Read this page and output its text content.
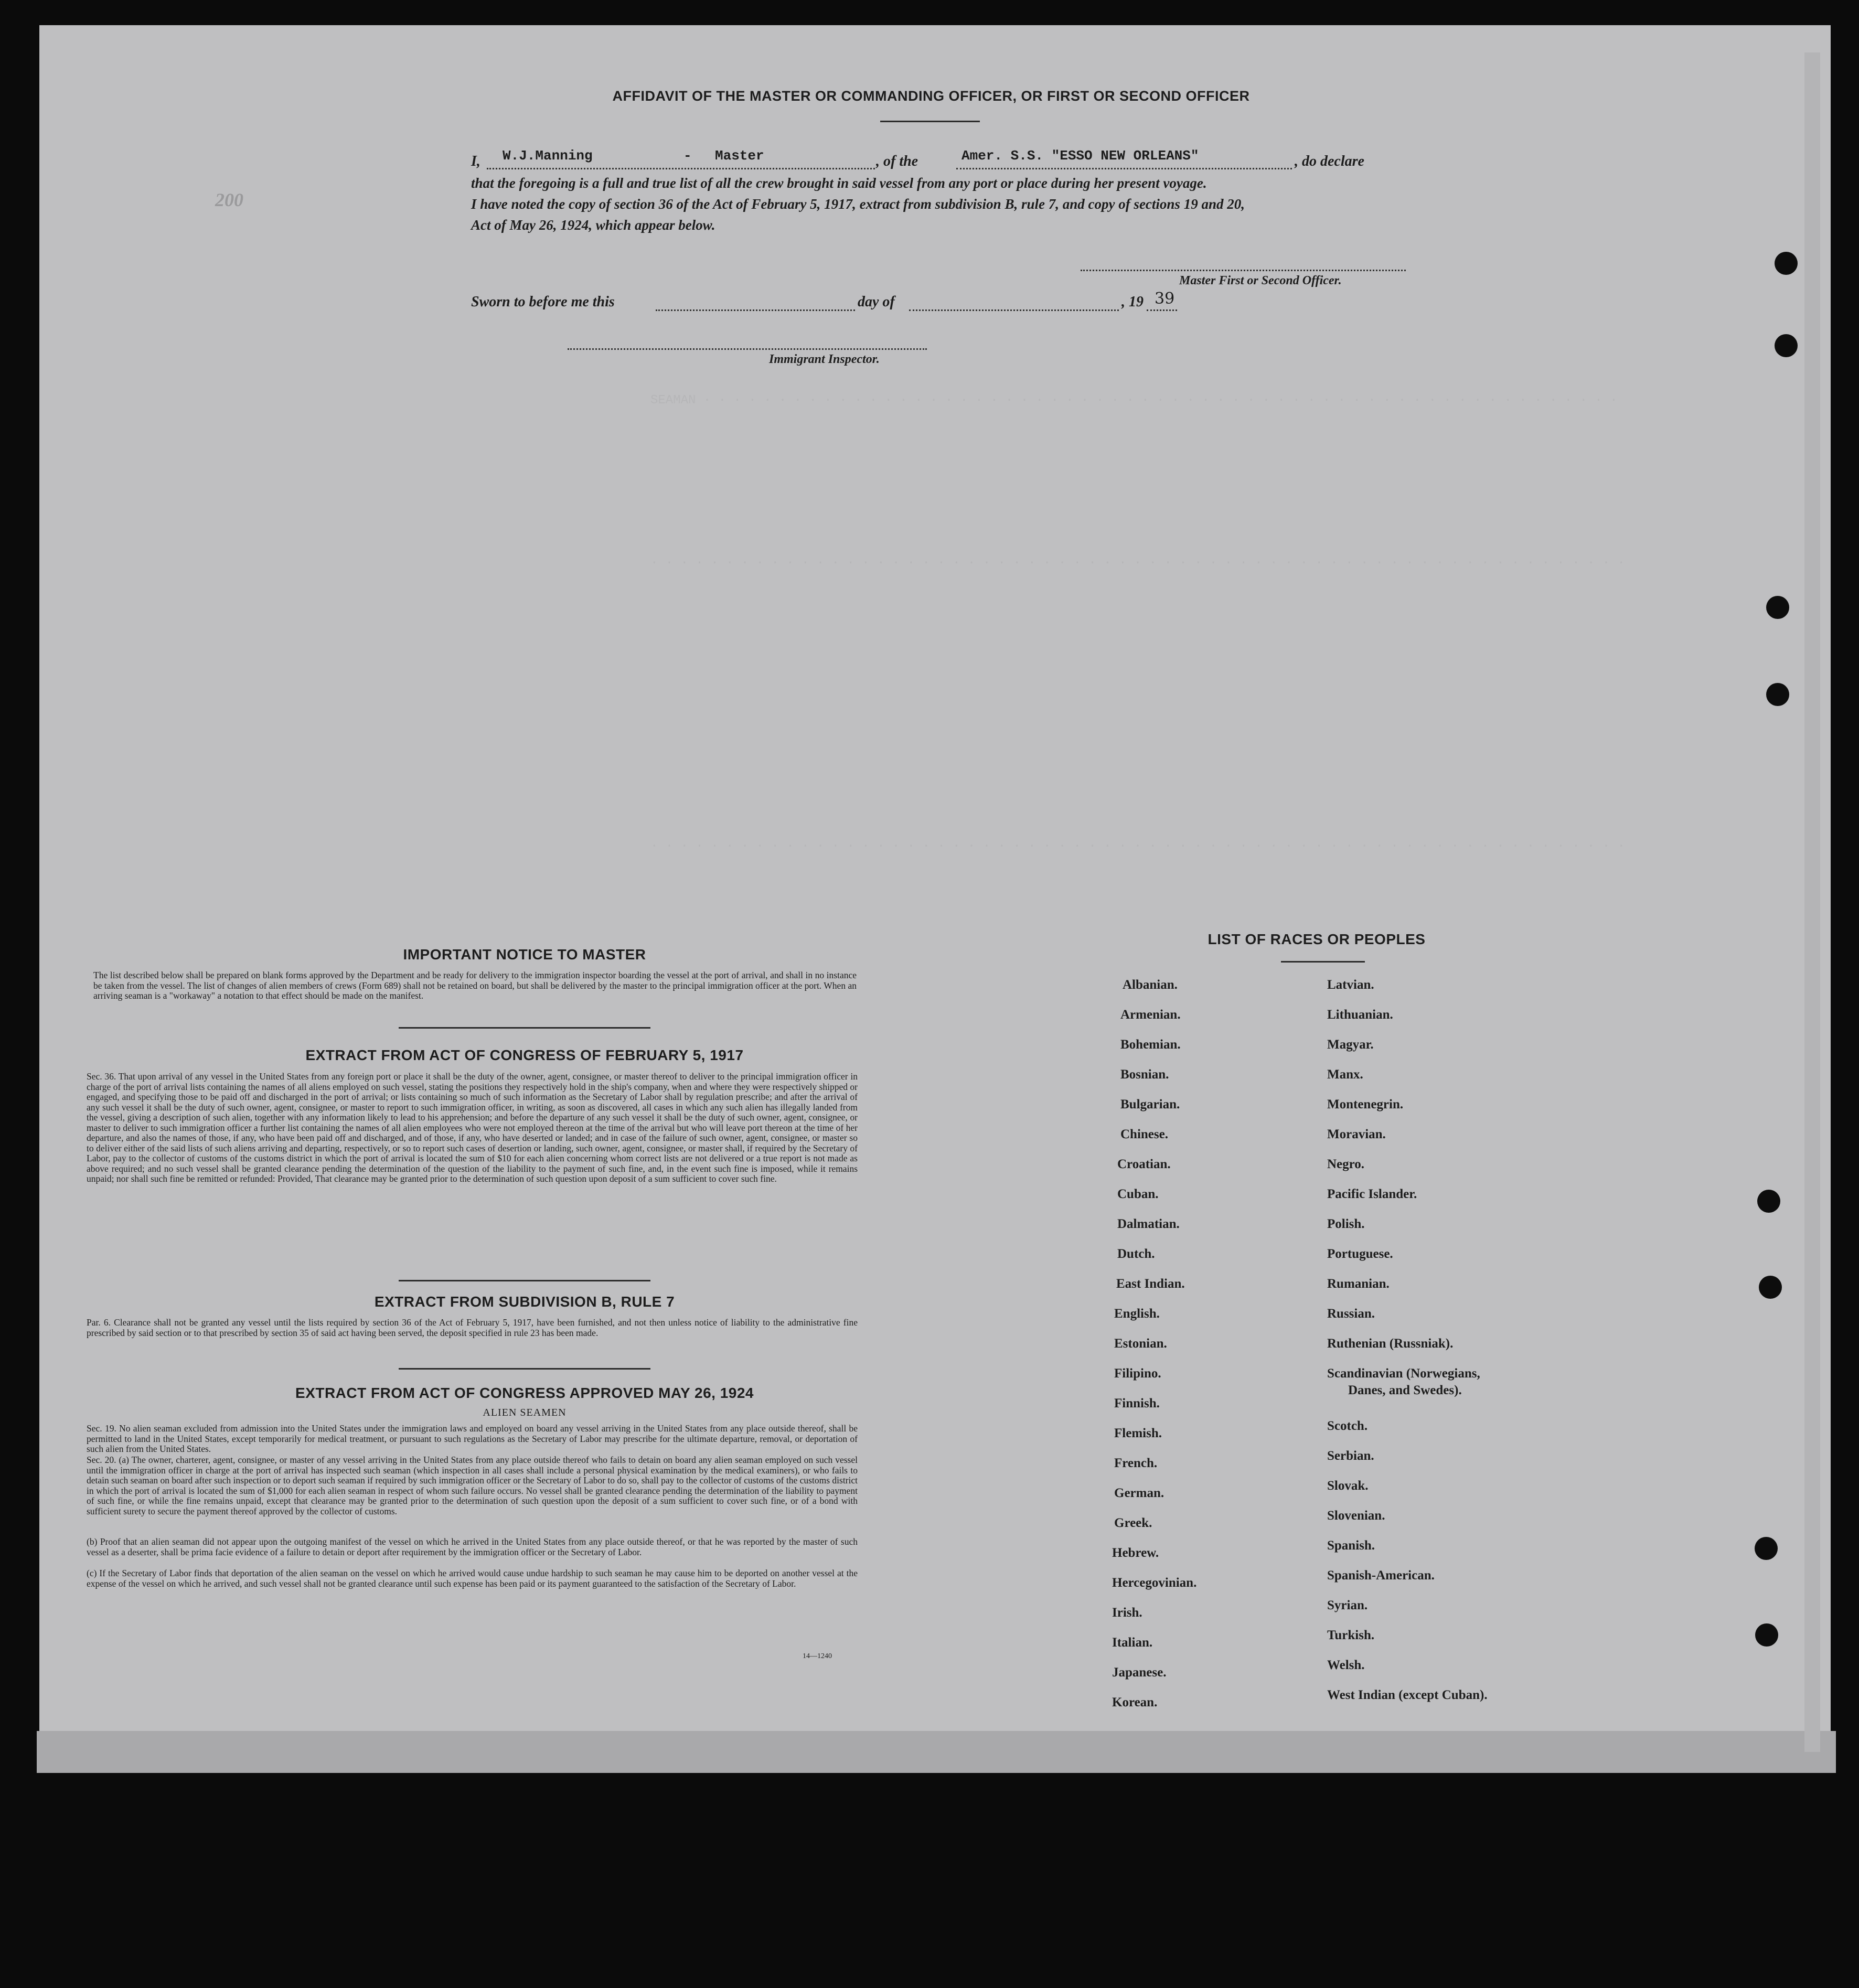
SEAMAN · · · · · · · · · · · · · · · · · · · · · · · · · · · · · · · · · · · · · · · · · · · · · · · · · · · · · · · · · · · · ·
· · · · · · · · · · · · · · · · · · · · · · · · · · · · · · · · · · · · · · · · · · · · · · · · · · · · · · · · · · · · · · · · ·
· · · · · · · · · · · · · · · · · · · · · · · · · · · · · · · · · · · · · · · · · · · · · · · · · · · · · · · · · · · · · · · · ·
AFFIDAVIT OF THE MASTER OR COMMANDING OFFICER, OR FIRST OR SECOND OFFICER
200
I, W.J.Manning	- Master	, of the	Amer. S.S. "ESSO NEW ORLEANS"	, do declare
that the foregoing is a full and true list of all the crew brought in said vessel from any port or place during her present voyage.
I have noted the copy of section 36 of the Act of February 5, 1917, extract from subdivision B, rule 7, and copy of sections 19 and 20,
Act of May 26, 1924, which appear below.
Master First or Second Officer.
Sworn to before me this	day of	, 19 39
Immigrant Inspector.
IMPORTANT NOTICE TO MASTER
The list described below shall be prepared on blank forms approved by the Department and be ready for delivery to the immigration inspector boarding the vessel at the port of arrival, and shall in no instance be taken from the vessel. The list of changes of alien members of crews (Form 689) shall not be retained on board, but shall be delivered by the master to the principal immigration officer at the port. When an arriving seaman is a "workaway" a notation to that effect should be made on the manifest.
EXTRACT FROM ACT OF CONGRESS OF FEBRUARY 5, 1917
Sec. 36. That upon arrival of any vessel in the United States from any foreign port or place it shall be the duty of the owner, agent, consignee, or master thereof to deliver to the principal immigration officer in charge of the port of arrival lists containing the names of all aliens employed on such vessel, stating the positions they respectively hold in the ship's company, when and where they were respectively shipped or engaged, and specifying those to be paid off and discharged in the port of arrival; or lists containing so much of such information as the Secretary of Labor shall by regulation prescribe; and after the arrival of any such vessel it shall be the duty of such owner, agent, consignee, or master to report to such immigration officer, in writing, as soon as discovered, all cases in which any such alien has illegally landed from the vessel, giving a description of such alien, together with any information likely to lead to his apprehension; and before the departure of any such vessel it shall be the duty of such owner, agent, consignee, or master to deliver to such immigration officer a further list containing the names of all alien employees who were not employed thereon at the time of the arrival but who will leave port thereon at the time of her departure, and also the names of those, if any, who have been paid off and discharged, and of those, if any, who have deserted or landed; and in case of the failure of such owner, agent, consignee, or master so to deliver either of the said lists of such aliens arriving and departing, respectively, or so to report such cases of desertion or landing, such owner, agent, consignee, or master shall, if required by the Secretary of Labor, pay to the collector of customs of the customs district in which the port of arrival is located the sum of $10 for each alien concerning whom correct lists are not delivered or a true report is not made as above required; and no such vessel shall be granted clearance pending the determination of the question of the liability to the payment of such fine, and, in the event such fine is imposed, while it remains unpaid; nor shall such fine be remitted or refunded: Provided, That clearance may be granted prior to the determination of such question upon deposit of a sum sufficient to cover such fine.
EXTRACT FROM SUBDIVISION B, RULE 7
Par. 6. Clearance shall not be granted any vessel until the lists required by section 36 of the Act of February 5, 1917, have been furnished, and not then unless notice of liability to the administrative fine prescribed by said section or to that prescribed by section 35 of said act having been served, the deposit specified in rule 23 has been made.
EXTRACT FROM ACT OF CONGRESS APPROVED MAY 26, 1924
ALIEN SEAMEN
Sec. 19. No alien seaman excluded from admission into the United States under the immigration laws and employed on board any vessel arriving in the United States from any place outside thereof, shall be permitted to land in the United States, except temporarily for medical treatment, or pursuant to such regulations as the Secretary of Labor may prescribe for the ultimate departure, removal, or deportation of such alien from the United States.
Sec. 20. (a) The owner, charterer, agent, consignee, or master of any vessel arriving in the United States from any place outside thereof who fails to detain on board any alien seaman employed on such vessel until the immigration officer in charge at the port of arrival has inspected such seaman (which inspection in all cases shall include a personal physical examination by the medical examiners), or who fails to detain such seaman on board after such inspection or to deport such seaman if required by such immigration officer or the Secretary of Labor to do so, shall pay to the collector of customs of the customs district in which the port of arrival is located the sum of $1,000 for each alien seaman in respect of whom such failure occurs. No vessel shall be granted clearance pending the determination of the liability to payment of such fine, or while the fine remains unpaid, except that clearance may be granted prior to the determination of such question upon the deposit of a sum sufficient to cover such fine, or of a bond with sufficient surety to secure the payment thereof approved by the collector of customs.
(b) Proof that an alien seaman did not appear upon the outgoing manifest of the vessel on which he arrived in the United States from any place outside thereof, or that he was reported by the master of such vessel as a deserter, shall be prima facie evidence of a failure to detain or deport after requirement by the immigration officer or the Secretary of Labor.
(c) If the Secretary of Labor finds that deportation of the alien seaman on the vessel on which he arrived would cause undue hardship to such seaman he may cause him to be deported on another vessel at the expense of the vessel on which he arrived, and such vessel shall not be granted clearance until such expense has been paid or its payment guaranteed to the satisfaction of the Secretary of Labor.
14—1240
LIST OF RACES OR PEOPLES
Albanian.
Armenian.
Bohemian.
Bosnian.
Bulgarian.
Chinese.
Croatian.
Cuban.
Dalmatian.
Dutch.
East Indian.
English.
Estonian.
Filipino.
Finnish.
Flemish.
French.
German.
Greek.
Hebrew.
Hercegovinian.
Irish.
Italian.
Japanese.
Korean.
Latvian.
Lithuanian.
Magyar.
Manx.
Montenegrin.
Moravian.
Negro.
Pacific Islander.
Polish.
Portuguese.
Rumanian.
Russian.
Ruthenian (Russniak).
Scandinavian (Norwegians,
Danes, and Swedes).
Scotch.
Serbian.
Slovak.
Slovenian.
Spanish.
Spanish-American.
Syrian.
Turkish.
Welsh.
West Indian (except Cuban).
